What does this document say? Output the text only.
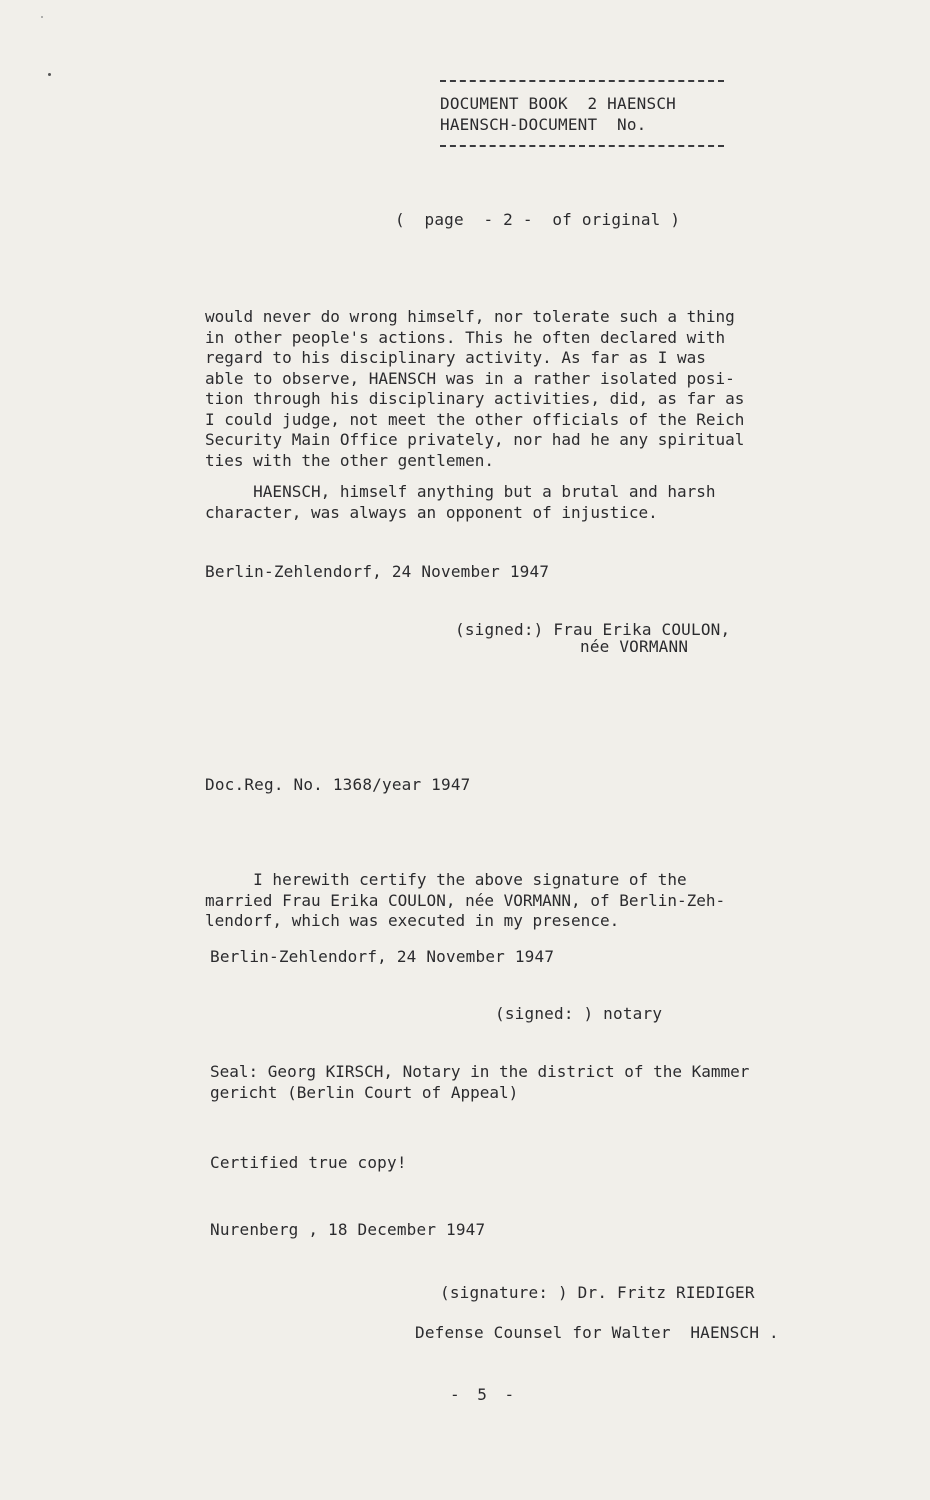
DOCUMENT BOOK  2 HAENSCH
HAENSCH-DOCUMENT  No.
(  page  - 2 -  of original )
would never do wrong himself, nor tolerate such a thing
in other people's actions. This he often declared with
regard to his disciplinary activity. As far as I was
able to observe, HAENSCH was in a rather isolated posi-
tion through his disciplinary activities, did, as far as
I could judge, not meet the other officials of the Reich
Security Main Office privately, nor had he any spiritual
ties with the other gentlemen.
HAENSCH, himself anything but a brutal and harsh
character, was always an opponent of injustice.
Berlin-Zehlendorf, 24 November 1947
(signed:) Frau Erika COULON,
née VORMANN
Doc.Reg. No. 1368/year 1947
I herewith certify the above signature of the
married Frau Erika COULON, née VORMANN, of Berlin-Zeh-
lendorf, which was executed in my presence.
Berlin-Zehlendorf, 24 November 1947
(signed: ) notary
Seal: Georg KIRSCH, Notary in the district of the Kammer
gericht (Berlin Court of Appeal)
Certified true copy!
Nurenberg , 18 December 1947
(signature: ) Dr. Fritz RIEDIGER
Defense Counsel for Walter  HAENSCH .
- 5 -
